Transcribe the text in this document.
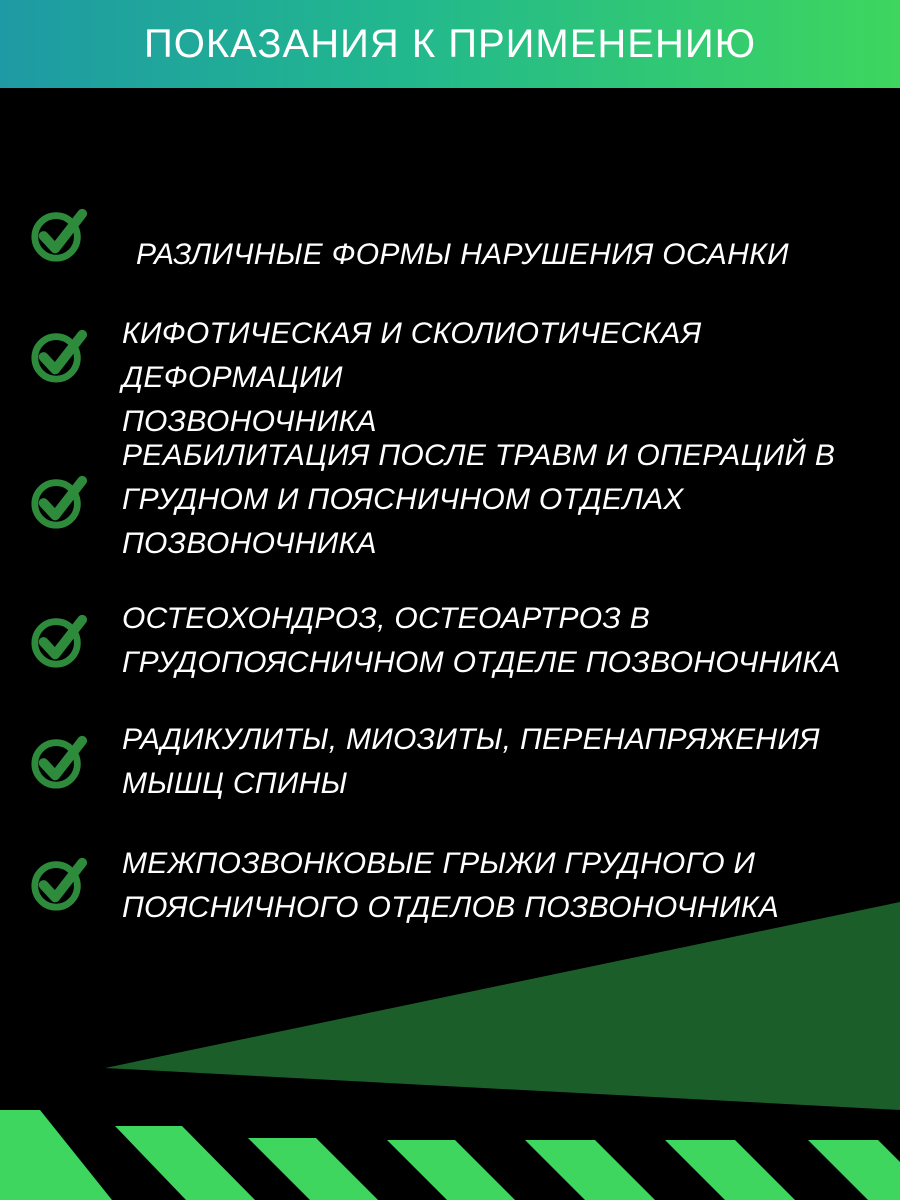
ПОКАЗАНИЯ К ПРИМЕНЕНИЮ
РАЗЛИЧНЫЕ ФОРМЫ НАРУШЕНИЯ ОСАНКИ
КИФОТИЧЕСКАЯ И СКОЛИОТИЧЕСКАЯ ДЕФОРМАЦИИ
ПОЗВОНОЧНИКА
РЕАБИЛИТАЦИЯ ПОСЛЕ ТРАВМ И ОПЕРАЦИЙ В
ГРУДНОМ И ПОЯСНИЧНОМ ОТДЕЛАХ
ПОЗВОНОЧНИКА
ОСТЕОХОНДРОЗ, ОСТЕОАРТРОЗ В
ГРУДОПОЯСНИЧНОМ ОТДЕЛЕ ПОЗВОНОЧНИКА
РАДИКУЛИТЫ, МИОЗИТЫ, ПЕРЕНАПРЯЖЕНИЯ
МЫШЦ СПИНЫ
МЕЖПОЗВОНКОВЫЕ ГРЫЖИ ГРУДНОГО И
ПОЯСНИЧНОГО ОТДЕЛОВ ПОЗВОНОЧНИКА
